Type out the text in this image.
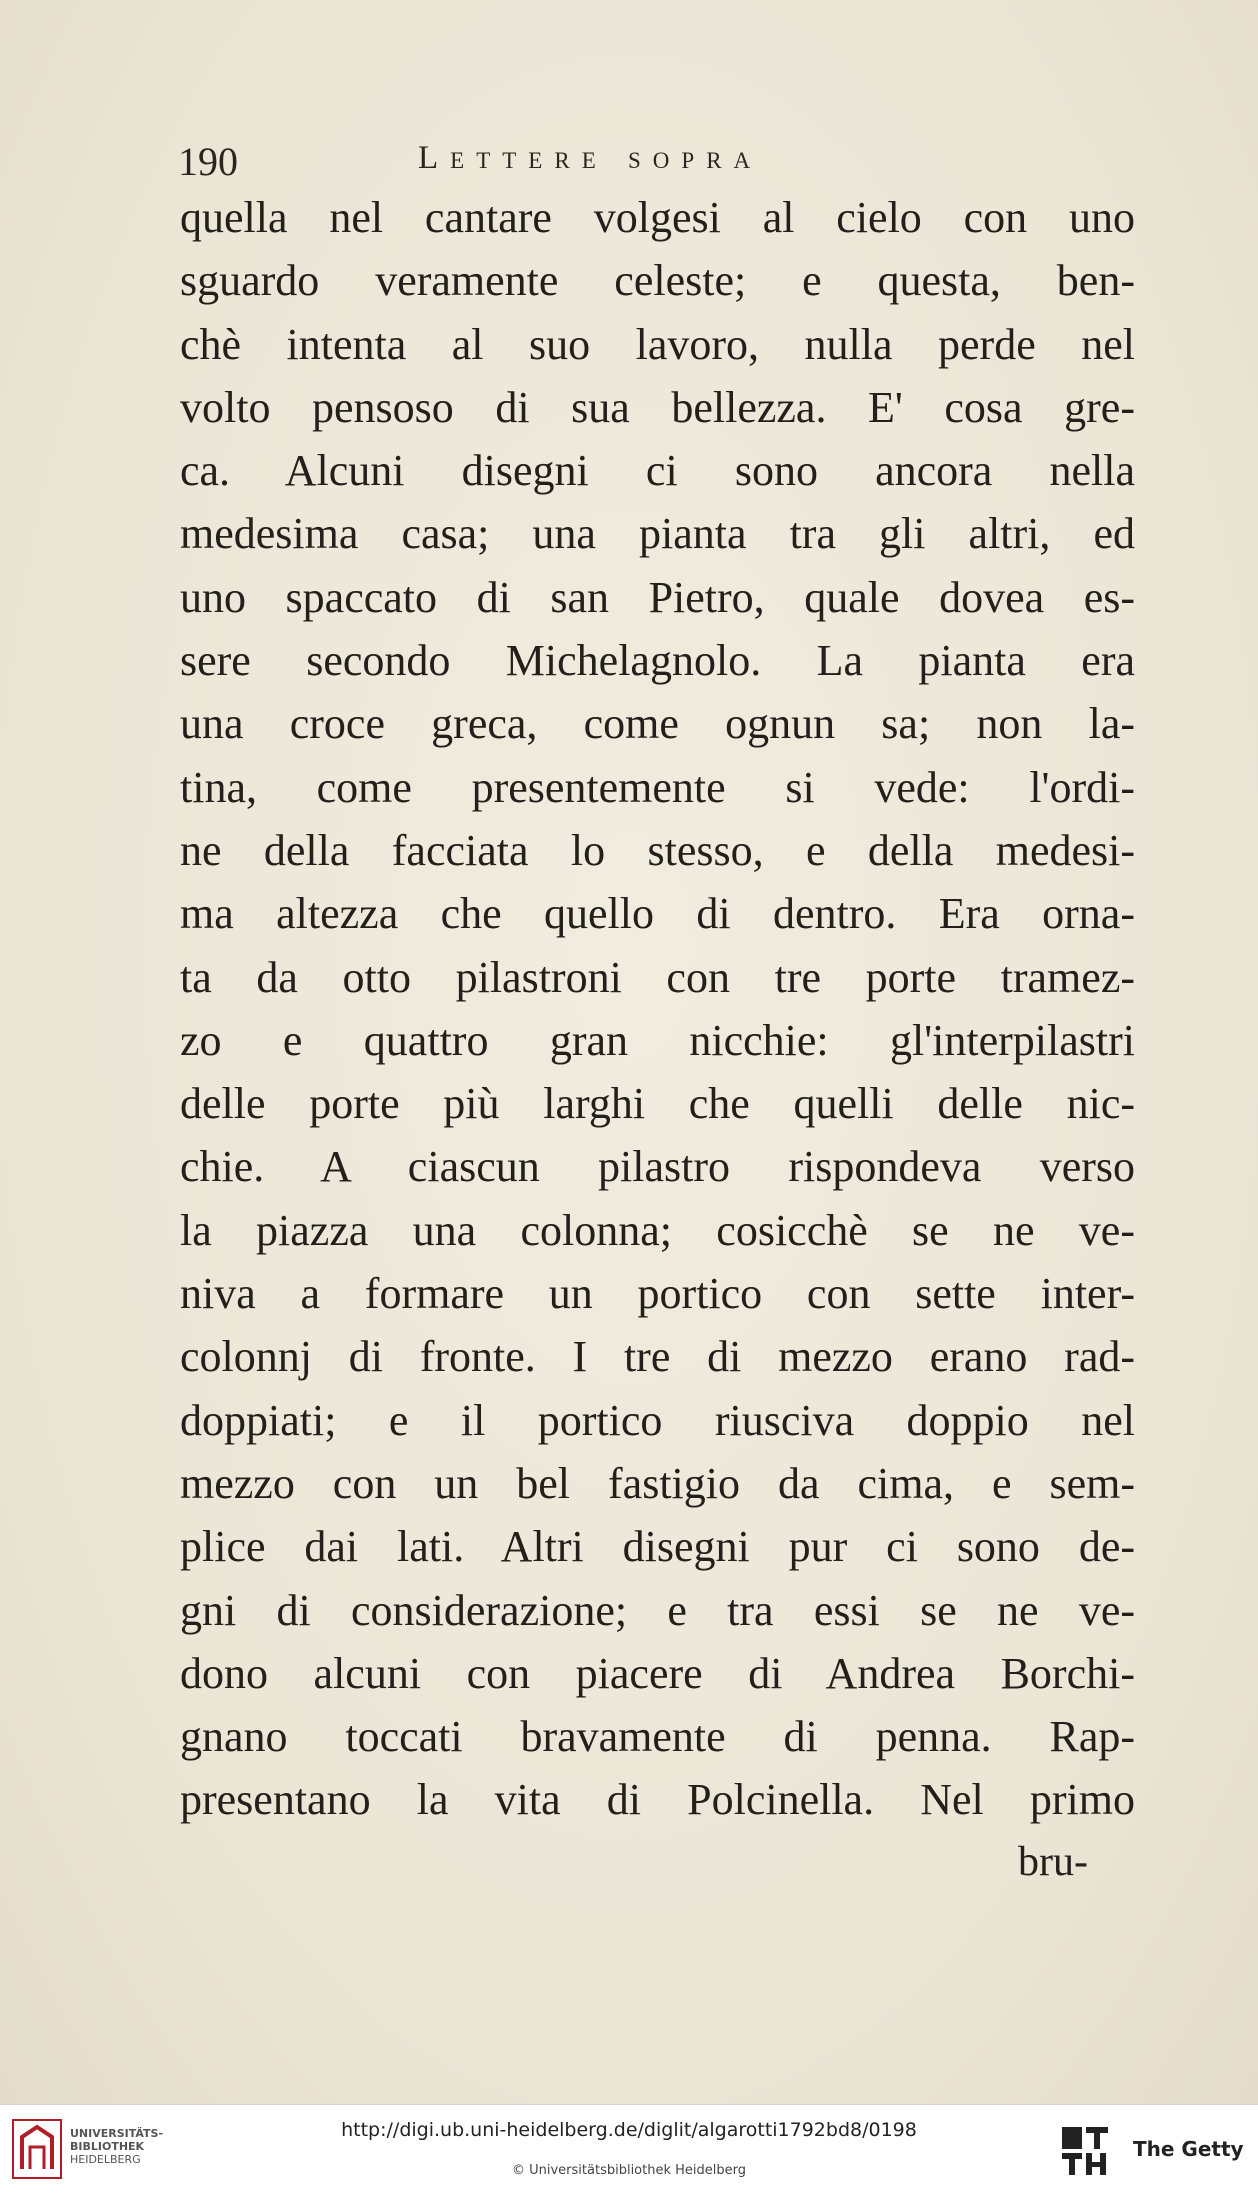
190	Lettere sopra
quella nel cantare volgesi al cielo con uno
sguardo veramente celeste; e questa, ben-
chè intenta al suo lavoro, nulla perde nel
volto pensoso di sua bellezza. E' cosa gre-
ca. Alcuni disegni ci sono ancora nella
medesima casa; una pianta tra gli altri, ed
uno spaccato di san Pietro, quale dovea es-
sere secondo Michelagnolo. La pianta era
una croce greca, come ognun sa; non la-
tina, come presentemente si vede: l'ordi-
ne della facciata lo stesso, e della medesi-
ma altezza che quello di dentro. Era orna-
ta da otto pilastroni con tre porte tramez-
zo e quattro gran nicchie: gl'interpilastri
delle porte più larghi che quelli delle nic-
chie. A ciascun pilastro rispondeva verso
la piazza una colonna; cosicchè se ne ve-
niva a formare un portico con sette inter-
colonnj di fronte. I tre di mezzo erano rad-
doppiati; e il portico riusciva doppio nel
mezzo con un bel fastigio da cima, e sem-
plice dai lati. Altri disegni pur ci sono de-
gni di considerazione; e tra essi se ne ve-
dono alcuni con piacere di Andrea Borchi-
gnano toccati bravamente di penna. Rap-
presentano la vita di Polcinella. Nel primo
bru-
UNIVERSITÄTS-
BIBLIOTHEK
HEIDELBERG
http://digi.ub.uni-heidelberg.de/diglit/algarotti1792bd8/0198
© Universitätsbibliothek Heidelberg
The Getty
